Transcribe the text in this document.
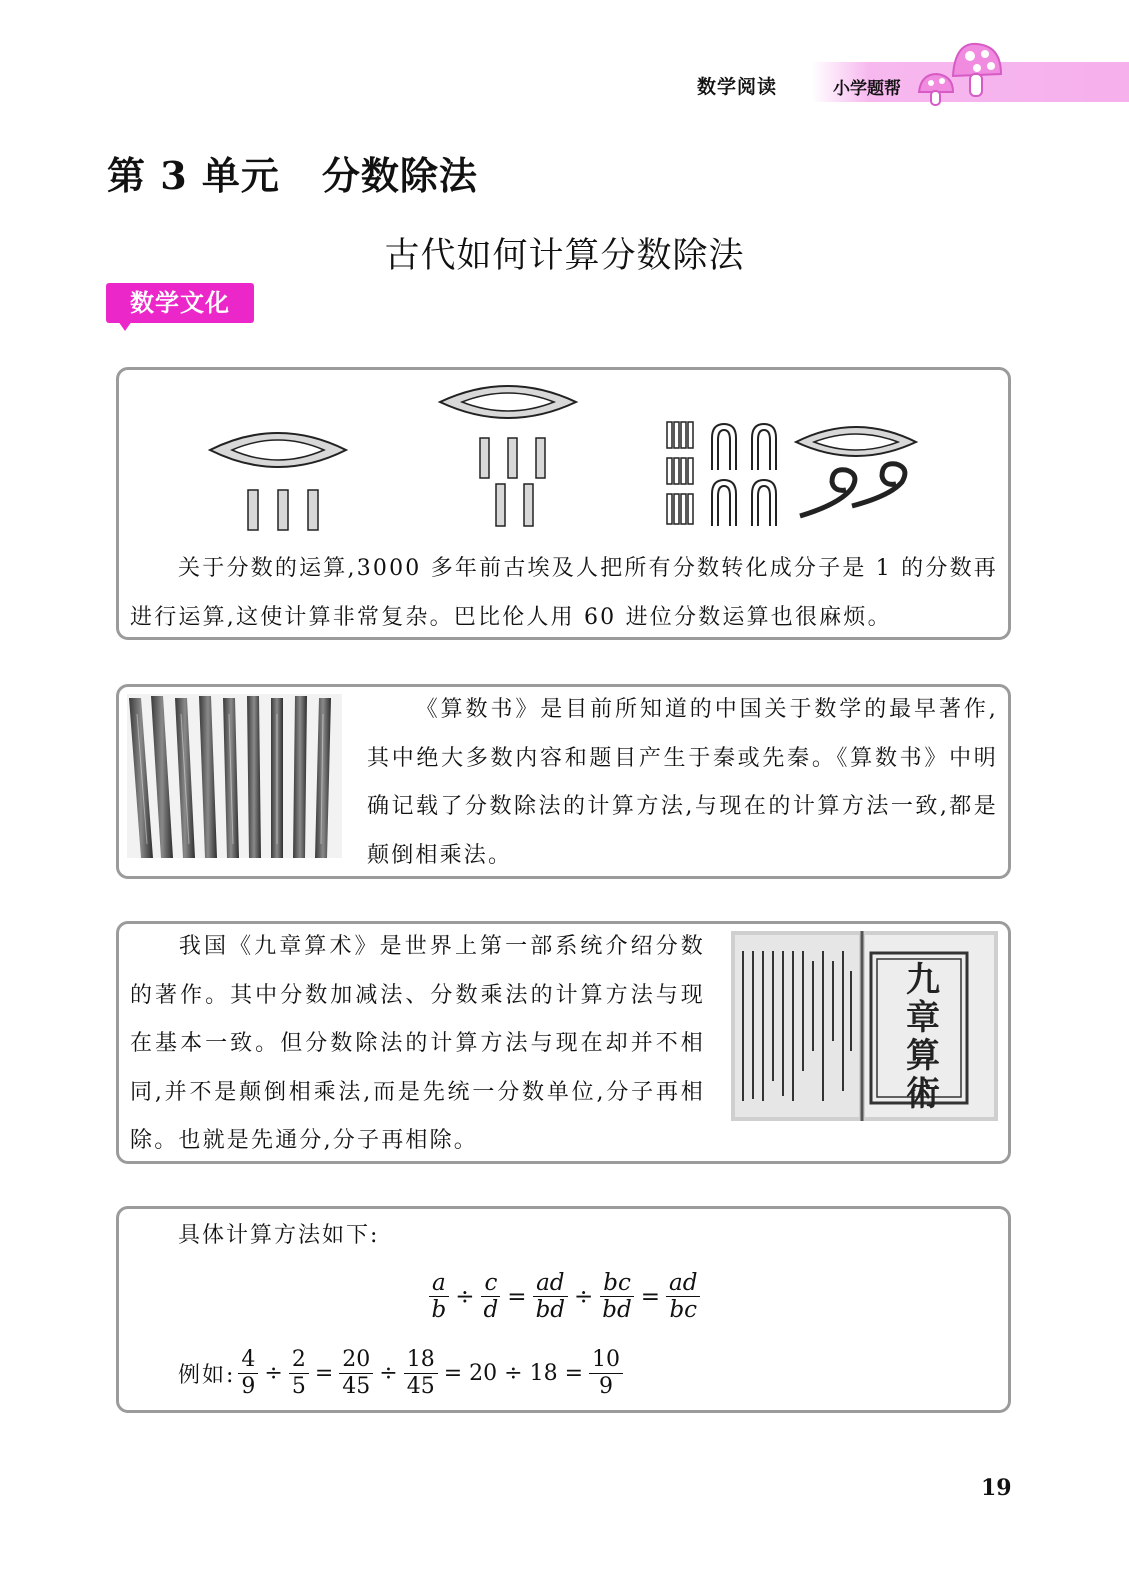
数学阅读	小学题帮
第 3 单元 分数除法
古代如何计算分数除法
数学文化
关于分数的运算,3000 多年前古埃及人把所有分数转化成分子是 1 的分数再进行运算,这使计算非常复杂。巴比伦人用 60 进位分数运算也很麻烦。
《算数书》是目前所知道的中国关于数学的最早著作,其中绝大多数内容和题目产生于秦或先秦。《算数书》中明确记载了分数除法的计算方法,与现在的计算方法一致,都是颠倒相乘法。
我国《九章算术》是世界上第一部系统介绍分数的著作。其中分数加减法、分数乘法的计算方法与现在基本一致。但分数除法的计算方法与现在却并不相同,并不是颠倒相乘法,而是先统一分数单位,分子再相除。也就是先通分,分子再相除。
九章算術
具体计算方法如下:
$\frac{a}{b} \div \frac{c}{d} = \frac{ad}{bd} \div \frac{bc}{bd} = \frac{ad}{bc}$
例如: $\frac{4}{9} \div \frac{2}{5} = \frac{20}{45} \div \frac{18}{45} = 20 \div 18 = \frac{10}{9}$
19
